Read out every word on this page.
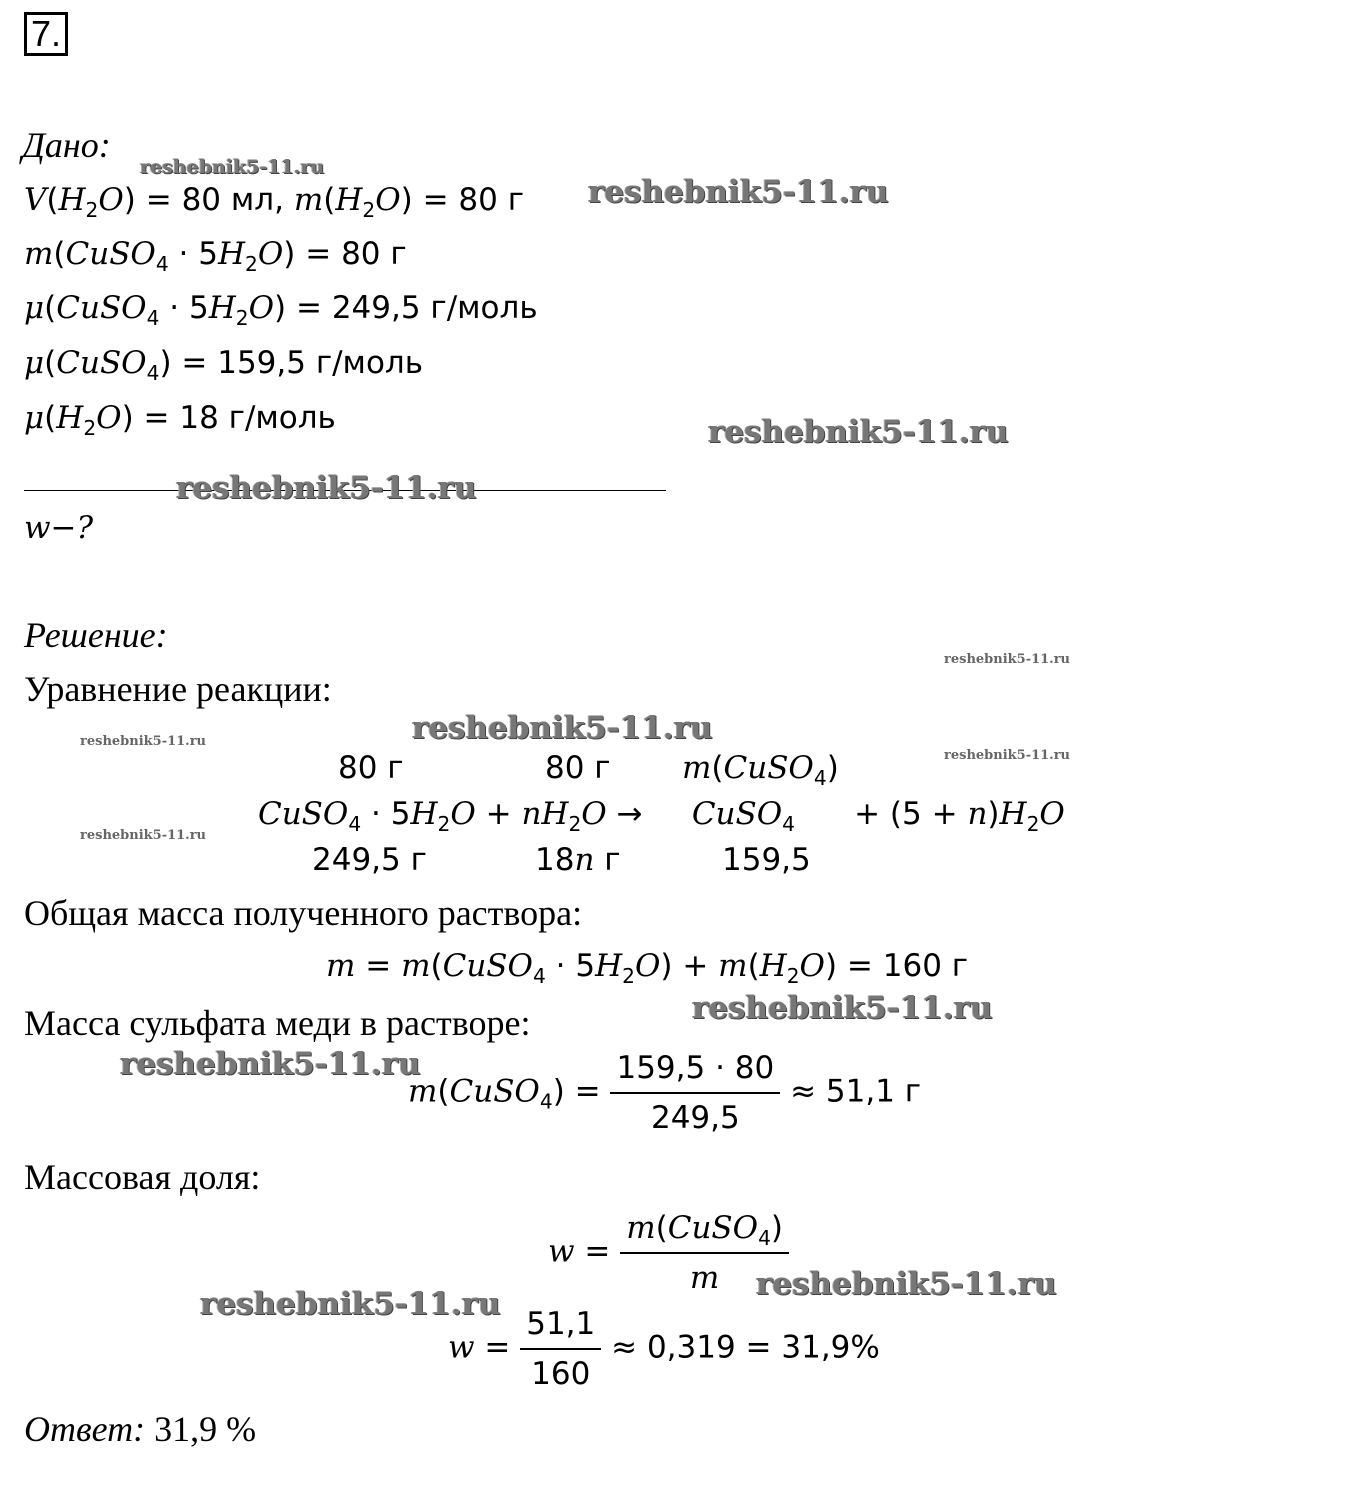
7.
Дано:
$V(H_2O) = 80$ мл, $m(H_2O) = 80$ г
m(CuSO$_4$ · $5H_2O) = 80$ г
μ(CuSO$_4$ · $5H_2O) = 249,5$ г/моль
μ(CuSO$_4$) = 159,5 г/моль
$\mu(H_2O) = 18$ г/моль
w−?
Решение:
Уравнение реакции:
80 г	80 г m(CuSO$_4$)
CuSO$_4$ · $5H_2O + nH_2O$ →     CuSO$_4$      + $(5 + n)H_2O$
249,5 г	18n г	159,5
Общая масса полученного раствора:
m = m(CuSO$_4$ · $5H_2O) + m(H_2O) = 160$ г
Масса сульфата меди в растворе:
m(CuSO$_4$) = $\frac{159,5 \cdot 80}{249,5} \approx 51,1$ г
Массовая доля:
$w = \frac{m(CuSO_4)}{m}$
$w = \frac{51,1}{160} \approx 0,319 = 31,9\%$
Ответ: 31,9 %
reshebnik5-11.ru
reshebnik5-11.ru
reshebnik5-11.ru
reshebnik5-11.ru
reshebnik5-11.ru
reshebnik5-11.ru
reshebnik5-11.ru
reshebnik5-11.ru
reshebnik5-11.ru
reshebnik5-11.ru
reshebnik5-11.ru
reshebnik5-11.ru
reshebnik5-11.ru
